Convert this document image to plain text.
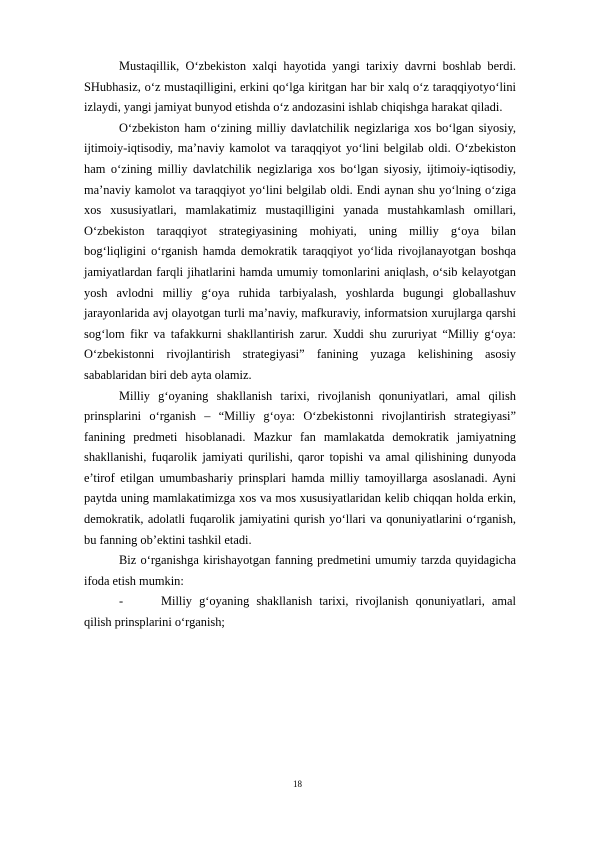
Mustaqillik, O‘zbekiston xalqi hayotida yangi tarixiy davrni boshlab berdi. SHubhasiz, o‘z mustaqilligini, erkini qo‘lga kiritgan har bir xalq o‘z taraqqiyotyo‘lini izlaydi, yangi jamiyat bunyod etishda o‘z andozasini ishlab chiqishga harakat qiladi.

O‘zbekiston ham o‘zining milliy davlatchilik negizlariga xos bo‘lgan siyosiy, ijtimoiy-iqtisodiy, ma’naviy kamolot va taraqqiyot yo‘lini belgilab oldi. O‘zbekiston ham o‘zining milliy davlatchilik negizlariga xos bo‘lgan siyosiy, ijtimoiy-iqtisodiy, ma’naviy kamolot va taraqqiyot yo‘lini belgilab oldi. Endi aynan shu yo‘lning o‘ziga xos xususiyatlari, mamlakatimiz mustaqilligini yanada mustahkamlash omillari, O‘zbekiston taraqqiyot strategiyasining mohiyati, uning milliy g‘oya bilan bog‘liqligini o‘rganish hamda demokratik taraqqiyot yo‘lida rivojlanayotgan boshqa jamiyatlardan farqli jihatlarini hamda umumiy tomonlarini aniqlash, o‘sib kelayotgan yosh avlodni milliy g‘oya ruhida tarbiyalash, yoshlarda bugungi globallashuv jarayonlarida avj olayotgan turli ma’naviy, mafkuraviy, informatsion xurujlarga qarshi sog‘lom fikr va tafakkurni shakllantirish zarur. Xuddi shu zururiyat “Milliy g‘oya: O‘zbekistonni rivojlantirish strategiyasi” fanining yuzaga kelishining asosiy sabablaridan biri deb ayta olamiz.

Milliy g‘oyaning shakllanish tarixi, rivojlanish qonuniyatlari, amal qilish prinsplarini o‘rganish – “Milliy g‘oya: O‘zbekistonni rivojlantirish strategiyasi” fanining predmeti hisoblanadi. Mazkur fan mamlakatda demokratik jamiyatning shakllanishi, fuqarolik jamiyati qurilishi, qaror topishi va amal qilishining dunyoda e’tirof etilgan umumbashariy prinsplari hamda milliy tamoyillarga asoslanadi. Ayni paytda uning mamlakatimizga xos va mos xususiyatlaridan kelib chiqqan holda erkin, demokratik, adolatli fuqarolik jamiyatini qurish yo‘llari va qonuniyatlarini o‘rganish, bu fanning ob’ektini tashkil etadi.

Biz o‘rganishga kirishayotgan fanning predmetini umumiy tarzda quyidagicha ifoda etish mumkin:

-	Milliy g‘oyaning shakllanish tarixi, rivojlanish qonuniyatlari, amal qilish prinsplarini o‘rganish;

18
